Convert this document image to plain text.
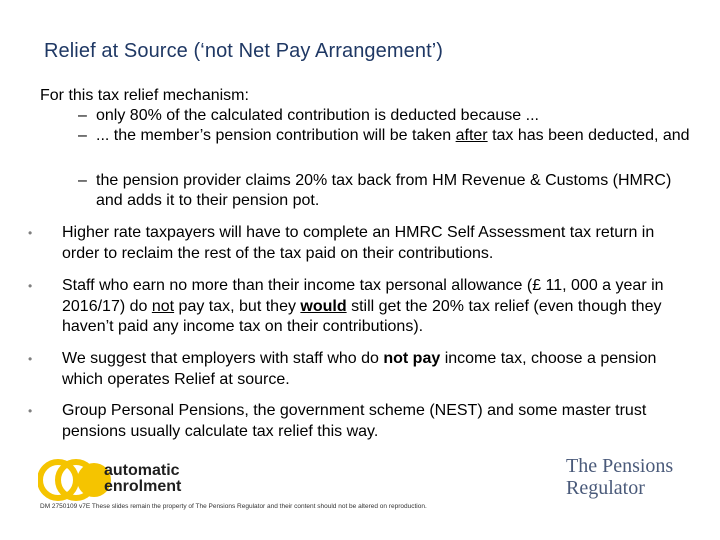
Relief at Source (‘not Net Pay Arrangement’)
For this tax relief mechanism:
– only 80% of the calculated contribution is deducted because ...
– ... the member’s pension contribution will be taken after tax has been deducted, and
– the pension provider claims 20% tax back from HM Revenue & Customs (HMRC) and adds it to their pension pot.
•	Higher rate taxpayers will have to complete an HMRC Self Assessment tax return in order to reclaim the rest of the tax paid on their contributions.
•	Staff who earn no more than their income tax personal allowance (£ 11, 000 a year in 2016/17) do not pay tax, but they would still get the 20% tax relief (even though they haven’t paid any income tax on their contributions).
•	We suggest that employers with staff who do not pay income tax, choose a pension which operates Relief at source.
•	Group Personal Pensions, the government scheme (NEST) and some master trust pensions usually calculate tax relief this way.
automatic
enrolment
The Pensions
Regulator
DM 2750109 v7E These slides remain the property of The Pensions Regulator and their content should not be altered on reproduction.
